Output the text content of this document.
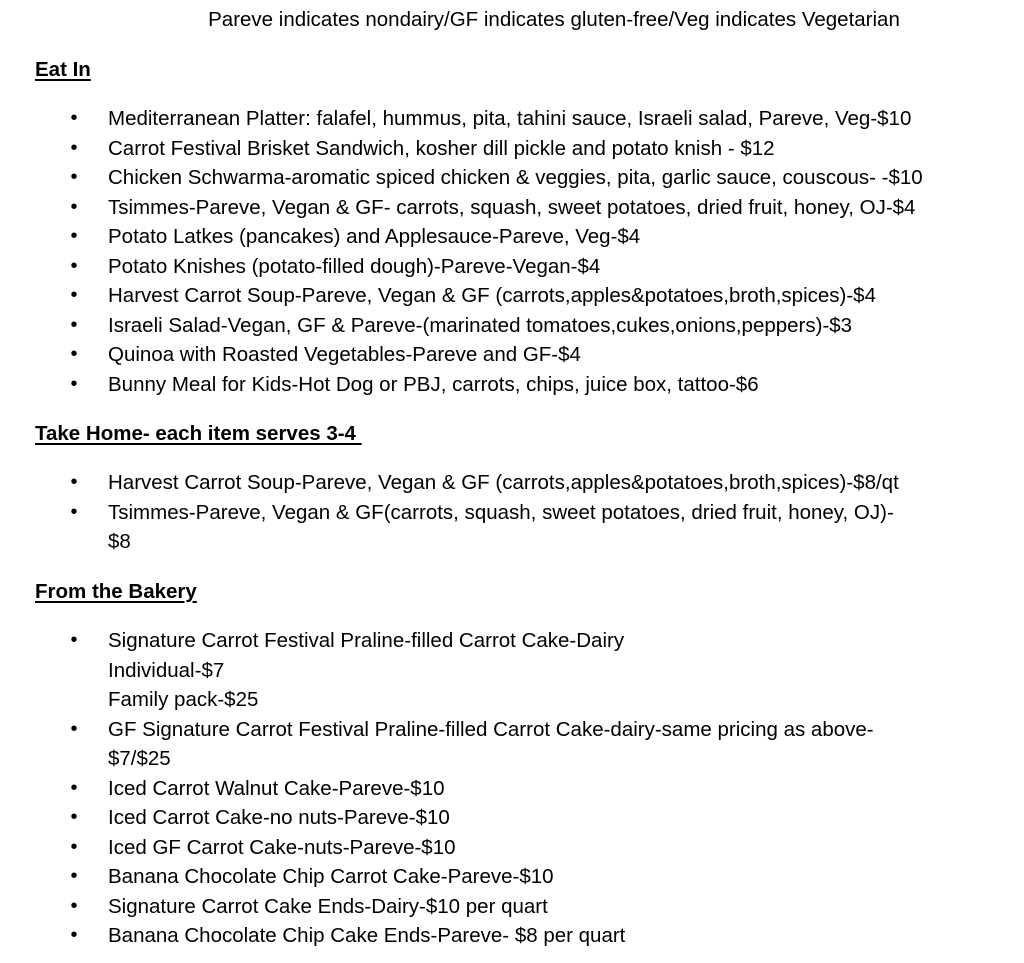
Pareve indicates nondairy/GF indicates gluten-free/Veg indicates Vegetarian
Eat In
• Mediterranean Platter: falafel, hummus, pita, tahini sauce, Israeli salad, Pareve, Veg-$10
• Carrot Festival Brisket Sandwich, kosher dill pickle and potato knish - $12
• Chicken Schwarma-aromatic spiced chicken & veggies, pita, garlic sauce, couscous- -$10
• Tsimmes-Pareve, Vegan & GF- carrots, squash, sweet potatoes, dried fruit, honey, OJ-$4
• Potato Latkes (pancakes) and Applesauce-Pareve, Veg-$4
• Potato Knishes (potato-filled dough)-Pareve-Vegan-$4
• Harvest Carrot Soup-Pareve, Vegan & GF (carrots,apples&potatoes,broth,spices)-$4
• Israeli Salad-Vegan, GF & Pareve-(marinated tomatoes,cukes,onions,peppers)-$3
• Quinoa with Roasted Vegetables-Pareve and GF-$4
• Bunny Meal for Kids-Hot Dog or PBJ, carrots, chips, juice box, tattoo-$6
Take Home- each item serves 3-4
• Harvest Carrot Soup-Pareve, Vegan & GF (carrots,apples&potatoes,broth,spices)-$8/qt
• Tsimmes-Pareve, Vegan & GF(carrots, squash, sweet potatoes, dried fruit, honey, OJ)-
$8
From the Bakery
• Signature Carrot Festival Praline-filled Carrot Cake-Dairy
Individual-$7
Family pack-$25
• GF Signature Carrot Festival Praline-filled Carrot Cake-dairy-same pricing as above-
$7/$25
• Iced Carrot Walnut Cake-Pareve-$10
• Iced Carrot Cake-no nuts-Pareve-$10
• Iced GF Carrot Cake-nuts-Pareve-$10
• Banana Chocolate Chip Carrot Cake-Pareve-$10
• Signature Carrot Cake Ends-Dairy-$10 per quart
• Banana Chocolate Chip Cake Ends-Pareve- $8 per quart
